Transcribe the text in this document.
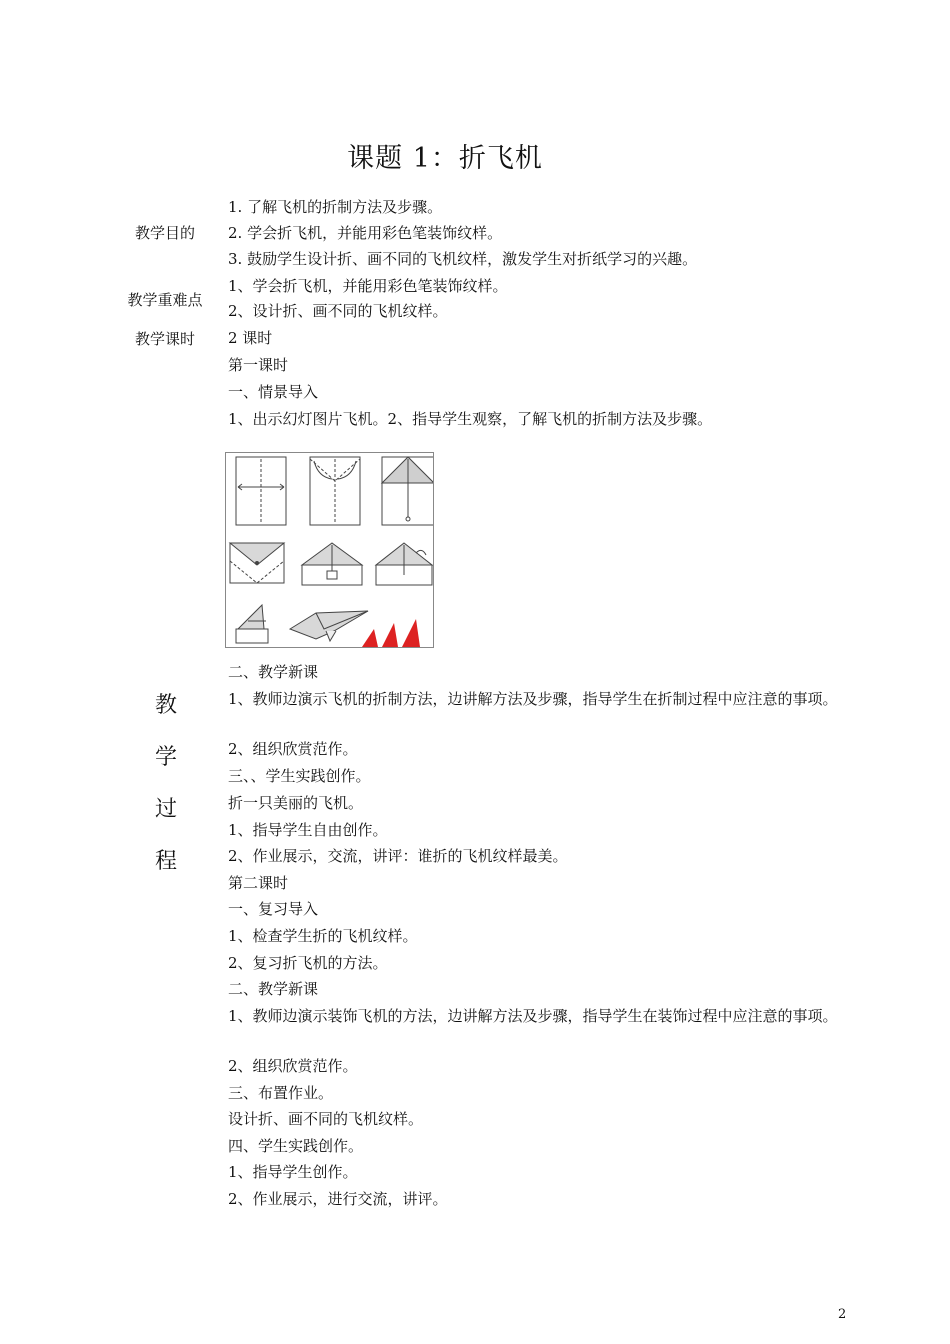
课题 1：折飞机
教学目的
1. 了解飞机的折制方法及步骤。
2. 学会折飞机，并能用彩色笔装饰纹样。
3. 鼓励学生设计折、画不同的飞机纹样，激发学生对折纸学习的兴趣。
教学重难点
1、学会折飞机，并能用彩色笔装饰纹样。
2、设计折、画不同的飞机纹样。
教学课时	2 课时
教
学
过
程
第一课时
一、情景导入
1、出示幻灯图片飞机。2、指导学生观察，了解飞机的折制方法及步骤。
二、教学新课
1、教师边演示飞机的折制方法，边讲解方法及步骤，指导学生在折制过程中应注意的事项。
2、组织欣赏范作。
三、、学生实践创作。
折一只美丽的飞机。
1、指导学生自由创作。
2、作业展示，交流，讲评：谁折的飞机纹样最美。
第二课时
一、复习导入
1、检查学生折的飞机纹样。
2、复习折飞机的方法。
二、教学新课
1、教师边演示装饰飞机的方法，边讲解方法及步骤，指导学生在装饰过程中应注意的事项。
2、组织欣赏范作。
三、布置作业。
设计折、画不同的飞机纹样。
四、学生实践创作。
1、指导学生创作。
2、作业展示，进行交流，讲评。
2
